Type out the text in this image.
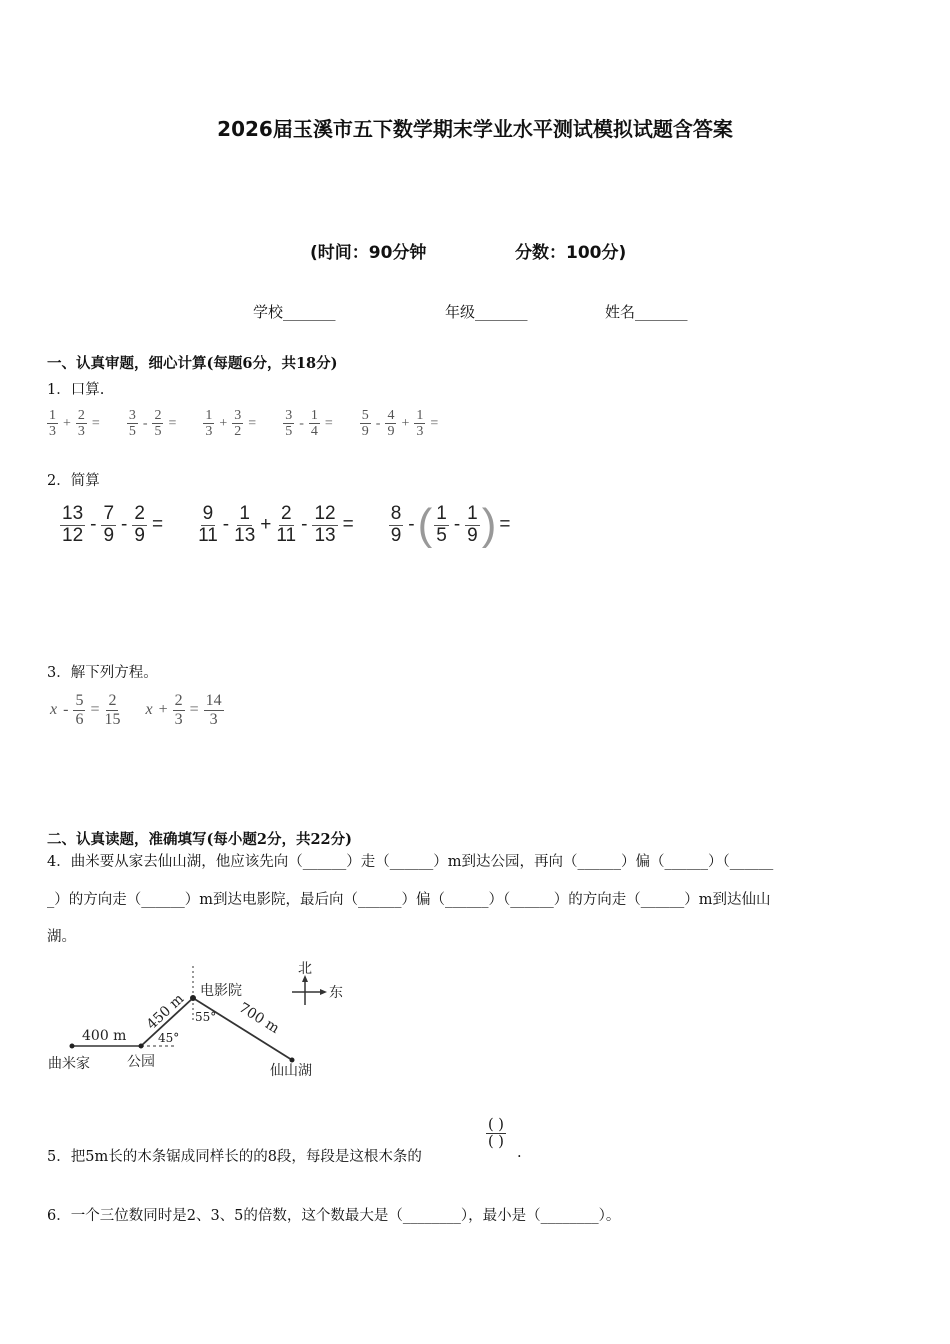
2026届玉溪市五下数学期末学业水平测试模拟试题含答案
(时间：90分钟	分数：100分)
学校_______	年级_______	姓名_______
一、认真审题，细心计算(每题6分，共18分)
1．口算.
$\frac{1}{3} + \frac{2}{3} = \frac{3}{5} - \frac{2}{5} = \frac{1}{3} + \frac{3}{2} = \frac{3}{5} - \frac{1}{4} = \frac{5}{9} - \frac{4}{9} + \frac{1}{3}$ =
2．简算
$\frac{13}{12} - \frac{7}{9} - \frac{2}{9} = \frac{9}{11} - \frac{1}{13} + \frac{2}{11} - \frac{12}{13} = \frac{8}{9}$ - ( $\frac{1}{5} - \frac{1}{9}$ ) =
3．解下列方程。
$x - \frac{5}{6} = \frac{2}{15}$ $x + \frac{2}{3} = \frac{14}{3}$
二、认真读题，准确填写(每小题2分，共22分)
4．曲米要从家去仙山湖，他应该先向（______）走（______）m到达公园，再向（______）偏（______）（______
_）的方向走（______）m到达电影院，最后向（______）偏（______）（______）的方向走（______）m到达仙山
湖。
400 m
450 m	700 m
45°
55°
曲米家	公园
电影院
仙山湖
北
东
5．把5m长的木条锯成同样长的的8段，每段是这根木条的
( )
( )
.
6．一个三位数同时是2、3、5的倍数，这个数最大是（________），最小是（________）。
